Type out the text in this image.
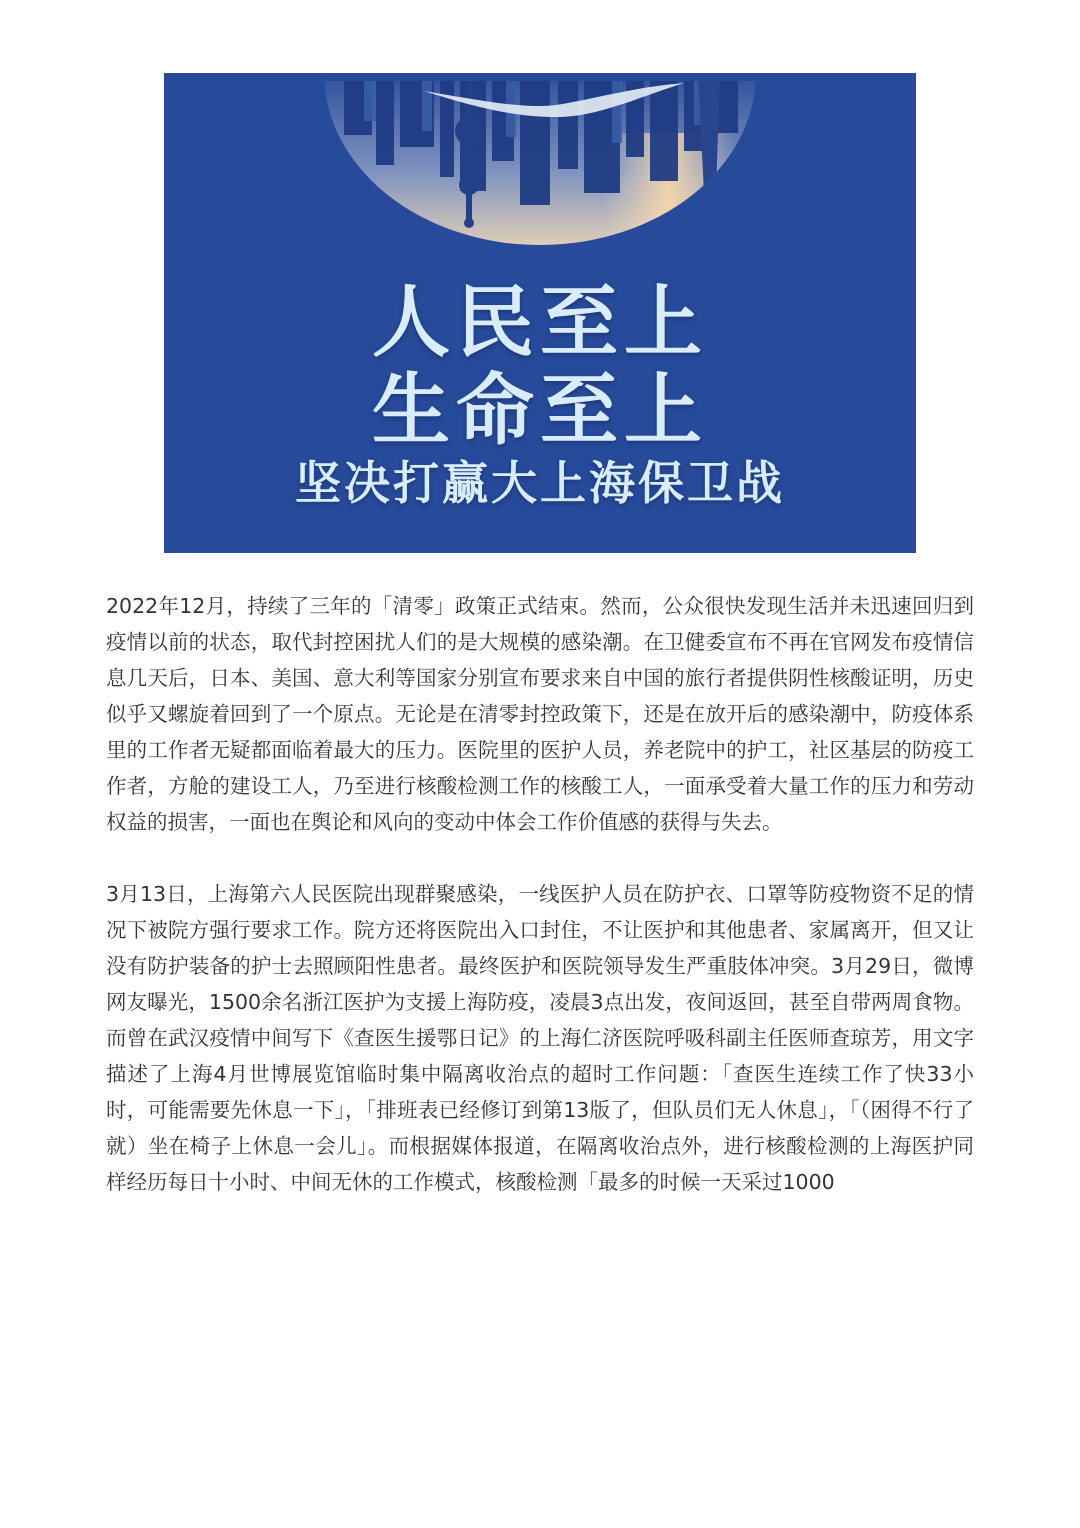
人民至上
生命至上
坚决打赢大上海保卫战

2022年12月，持续了三年的「清零」政策正式结束。然而，公众很快发现生活并未迅速回归到疫情以前的状态，取代封控困扰人们的是大规模的感染潮。在卫健委宣布不再在官网发布疫情信息几天后，日本、美国、意大利等国家分别宣布要求来自中国的旅行者提供阴性核酸证明，历史似乎又螺旋着回到了一个原点。无论是在清零封控政策下，还是在放开后的感染潮中，防疫体系里的工作者无疑都面临着最大的压力。医院里的医护人员，养老院中的护工，社区基层的防疫工作者，方舱的建设工人，乃至进行核酸检测工作的核酸工人，一面承受着大量工作的压力和劳动权益的损害，一面也在舆论和风向的变动中体会工作价值感的获得与失去。

3月13日，上海第六人民医院出现群聚感染，一线医护人员在防护衣、口罩等防疫物资不足的情况下被院方强行要求工作。院方还将医院出入口封住，不让医护和其他患者、家属离开，但又让没有防护装备的护士去照顾阳性患者。最终医护和医院领导发生严重肢体冲突。3月29日，微博网友曝光，1500余名浙江医护为支援上海防疫，凌晨3点出发，夜间返回，甚至自带两周食物。而曾在武汉疫情中间写下《查医生援鄂日记》的上海仁济医院呼吸科副主任医师查琼芳，用文字描述了上海4月世博展览馆临时集中隔离收治点的超时工作问题：「查医生连续工作了快33小时，可能需要先休息一下」，「排班表已经修订到第13版了，但队员们无人休息」，「（困得不行了就）坐在椅子上休息一会儿」。而根据媒体报道，在隔离收治点外，进行核酸检测的上海医护同样经历每日十小时、中间无休的工作模式，核酸检测「最多的时候一天采过1000
